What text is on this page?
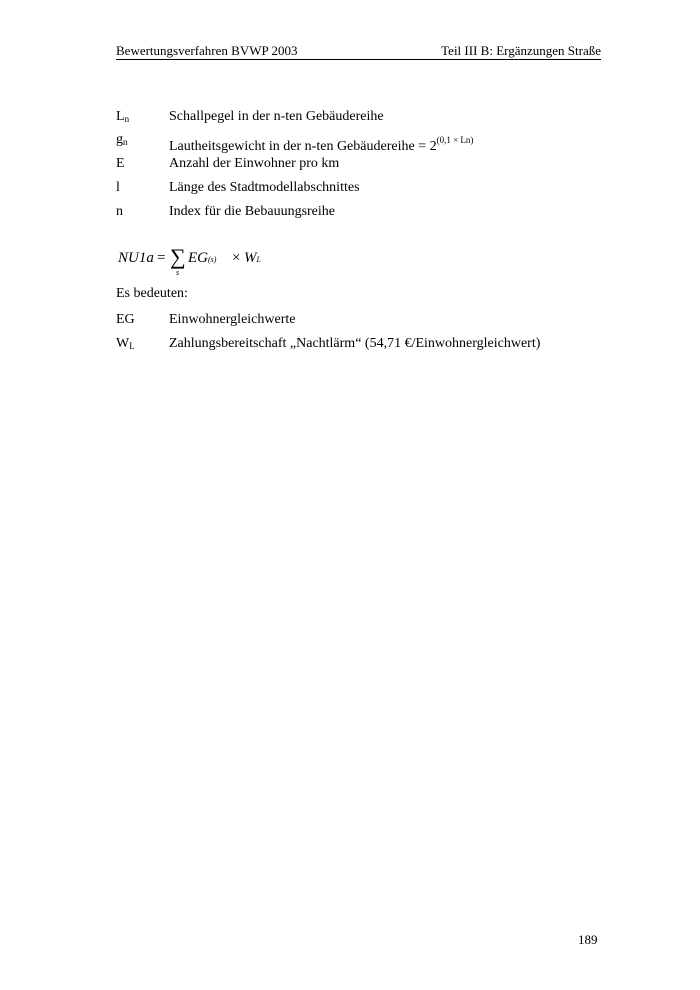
Bewertungsverfahren BVWP 2003	Teil III B: Ergänzungen Straße
$L_n$	Schallpegel in der n-ten Gebäudereihe
$g_n$	Lautheitsgewicht in der n-ten Gebäudereihe = $2^{(0,1 \times Ln)}$
E	Anzahl der Einwohner pro km
l	Länge des Stadtmodellabschnittes
n	Index für die Bebauungsreihe
NU1a = ∑
s
EG(s) × WL
Es bedeuten:
EG	Einwohnergleichwerte
$W_L$	Zahlungsbereitschaft „Nachtlärm“ (54,71 €/Einwohnergleichwert)
189
